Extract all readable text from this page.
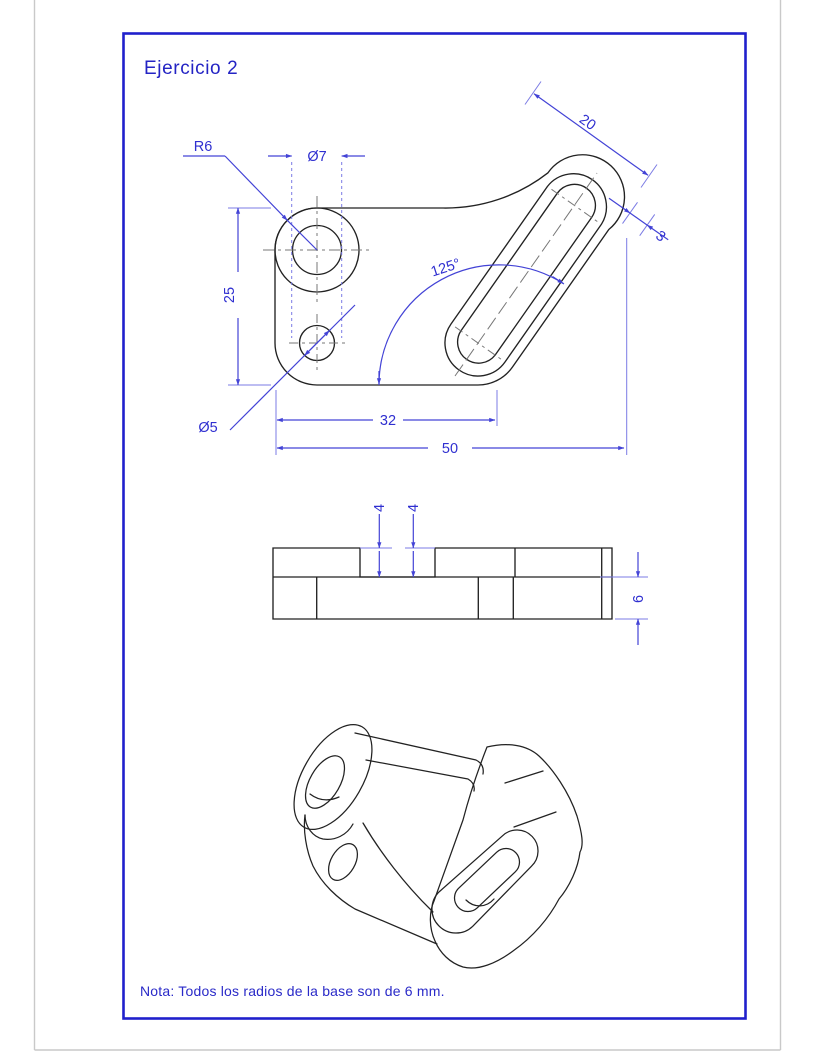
Ejercicio 2
R6
Ø7
25
32
50
125°
20
3
Ø5
4 4
6
Nota: Todos los radios de la base son de 6 mm.
